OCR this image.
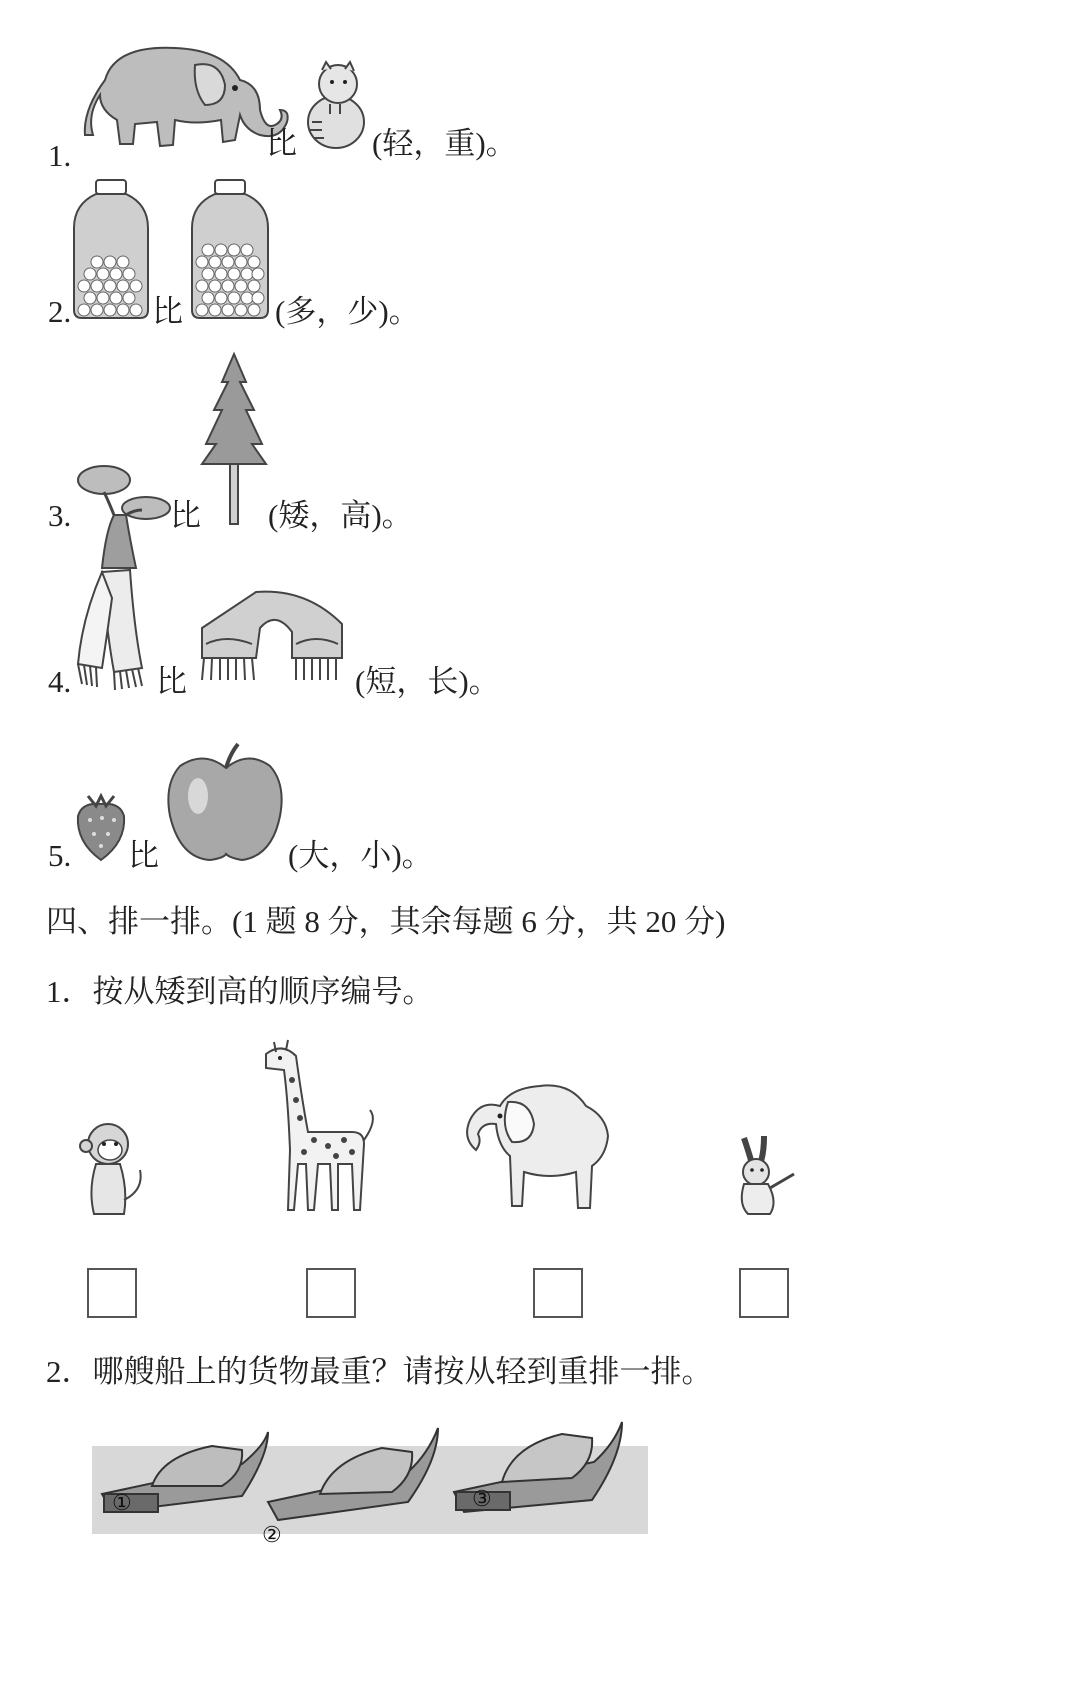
1.	比 (轻，重)。
2.	比	(多，少)。
3.	比 (矮，高)。
4.	比	(短，长)。
5. 比	(大，小)。
四、排一排。(1 题 8 分，其余每题 6 分，共 20 分)
1．按从矮到高的顺序编号。
2．哪艘船上的货物最重？请按从轻到重排一排。
①
②
③
